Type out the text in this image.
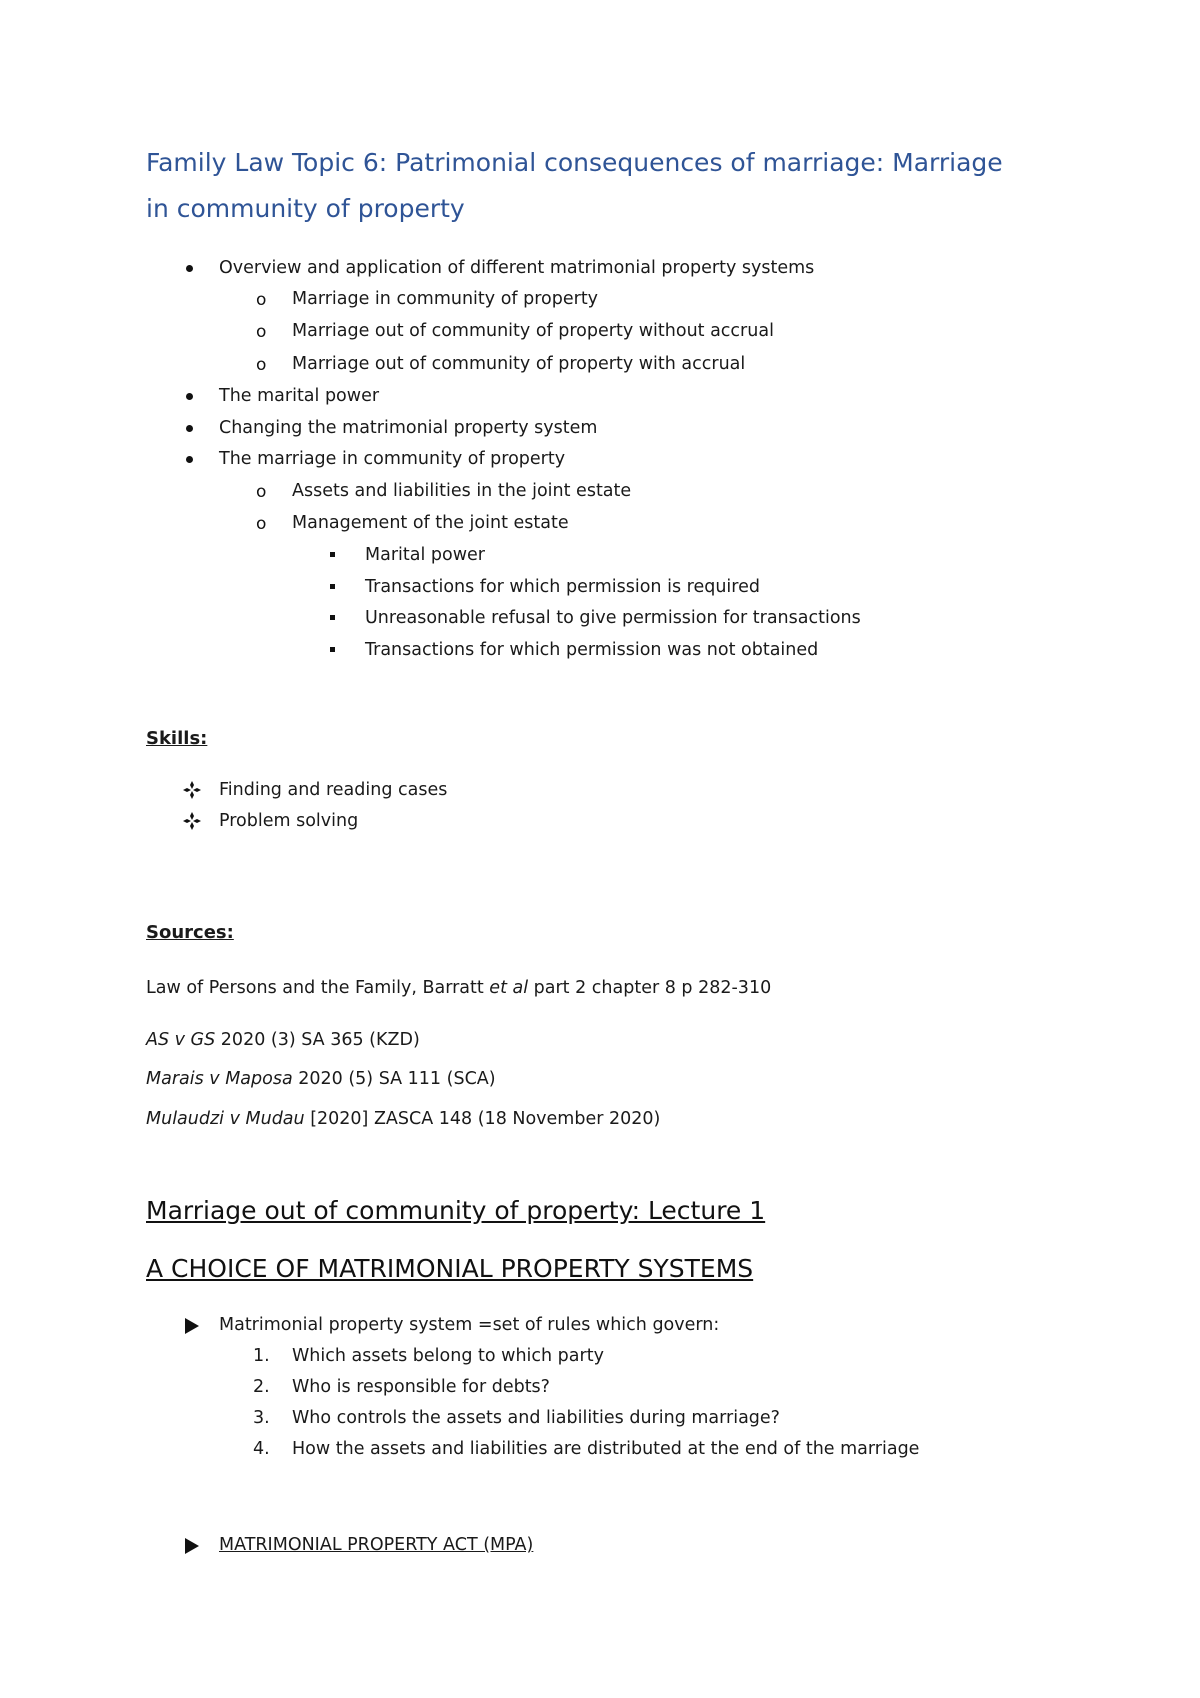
Family Law Topic 6: Patrimonial consequences of marriage: Marriage
in community of property
Overview and application of different matrimonial property systems
o Marriage in community of property
o Marriage out of community of property without accrual
o Marriage out of community of property with accrual
The marital power
Changing the matrimonial property system
The marriage in community of property
o Assets and liabilities in the joint estate
o Management of the joint estate
Marital power
Transactions for which permission is required
Unreasonable refusal to give permission for transactions
Transactions for which permission was not obtained
Skills:
Finding and reading cases
Problem solving
Sources:
Law of Persons and the Family, Barratt et al part 2 chapter 8 p 282-310
AS v GS 2020 (3) SA 365 (KZD)
Marais v Maposa 2020 (5) SA 111 (SCA)
Mulaudzi v Mudau [2020] ZASCA 148 (18 November 2020)
Marriage out of community of property: Lecture 1
A CHOICE OF MATRIMONIAL PROPERTY SYSTEMS
Matrimonial property system =set of rules which govern:
1. Which assets belong to which party
2. Who is responsible for debts?
3. Who controls the assets and liabilities during marriage?
4. How the assets and liabilities are distributed at the end of the marriage
MATRIMONIAL PROPERTY ACT (MPA)
